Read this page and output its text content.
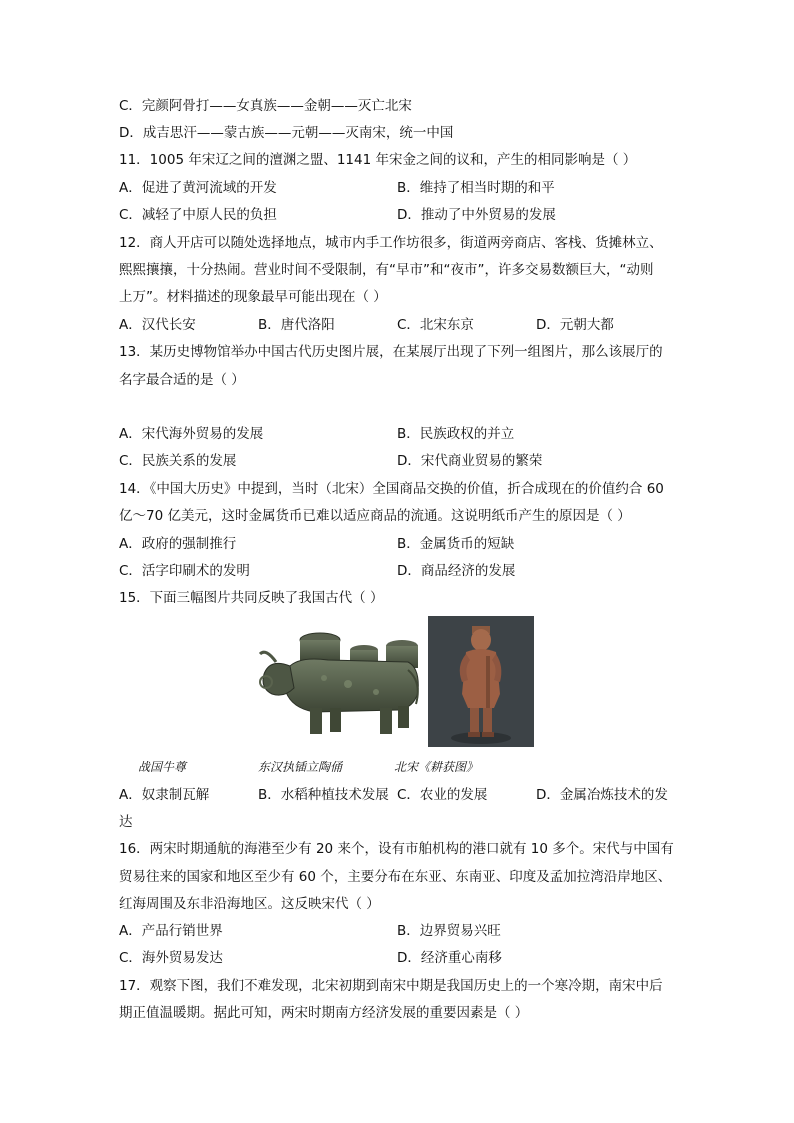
C．完颜阿骨打——女真族——金朝——灭亡北宋
D．成吉思汗——蒙古族——元朝——灭南宋，统一中国
11．1005 年宋辽之间的澶渊之盟、1141 年宋金之间的议和，产生的相同影响是（ ）
A．促进了黄河流域的开发	B．维持了相当时期的和平
C．减轻了中原人民的负担	D．推动了中外贸易的发展
12．商人开店可以随处选择地点，城市内手工作坊很多，街道两旁商店、客栈、货摊林立、
熙熙攘攘，十分热闹。营业时间不受限制，有“早市”和“夜市”，许多交易数额巨大，“动则
上万”。材料描述的现象最早可能出现在（ ）
A．汉代长安	B．唐代洛阳	C．北宋东京	D．元朝大都
13．某历史博物馆举办中国古代历史图片展，在某展厅出现了下列一组图片，那么该展厅的
名字最合适的是（ ）
A．宋代海外贸易的发展	B．民族政权的并立
C．民族关系的发展	D．宋代商业贸易的繁荣
14．《中国大历史》中提到，当时（北宋）全国商品交换的价值，折合成现在的价值约合 60
亿～70 亿美元，这时金属货币已难以适应商品的流通。这说明纸币产生的原因是（ ）
A．政府的强制推行	B．金属货币的短缺
C．活字印刷术的发明	D．商品经济的发展
15．下面三幅图片共同反映了我国古代（ ）
战国牛尊	东汉执锸立陶俑	北宋《耕获图》
A．奴隶制瓦解	B．水稻种植技术发展 C．农业的发展	D．金属冶炼技术的发
达
16．两宋时期通航的海港至少有 20 来个，设有市舶机构的港口就有 10 多个。宋代与中国有
贸易往来的国家和地区至少有 60 个，主要分布在东亚、东南亚、印度及孟加拉湾沿岸地区、
红海周围及东非沿海地区。这反映宋代（ ）
A．产品行销世界	B．边界贸易兴旺
C．海外贸易发达	D．经济重心南移
17．观察下图，我们不难发现，北宋初期到南宋中期是我国历史上的一个寒冷期，南宋中后
期正值温暖期。据此可知，两宋时期南方经济发展的重要因素是（ ）
